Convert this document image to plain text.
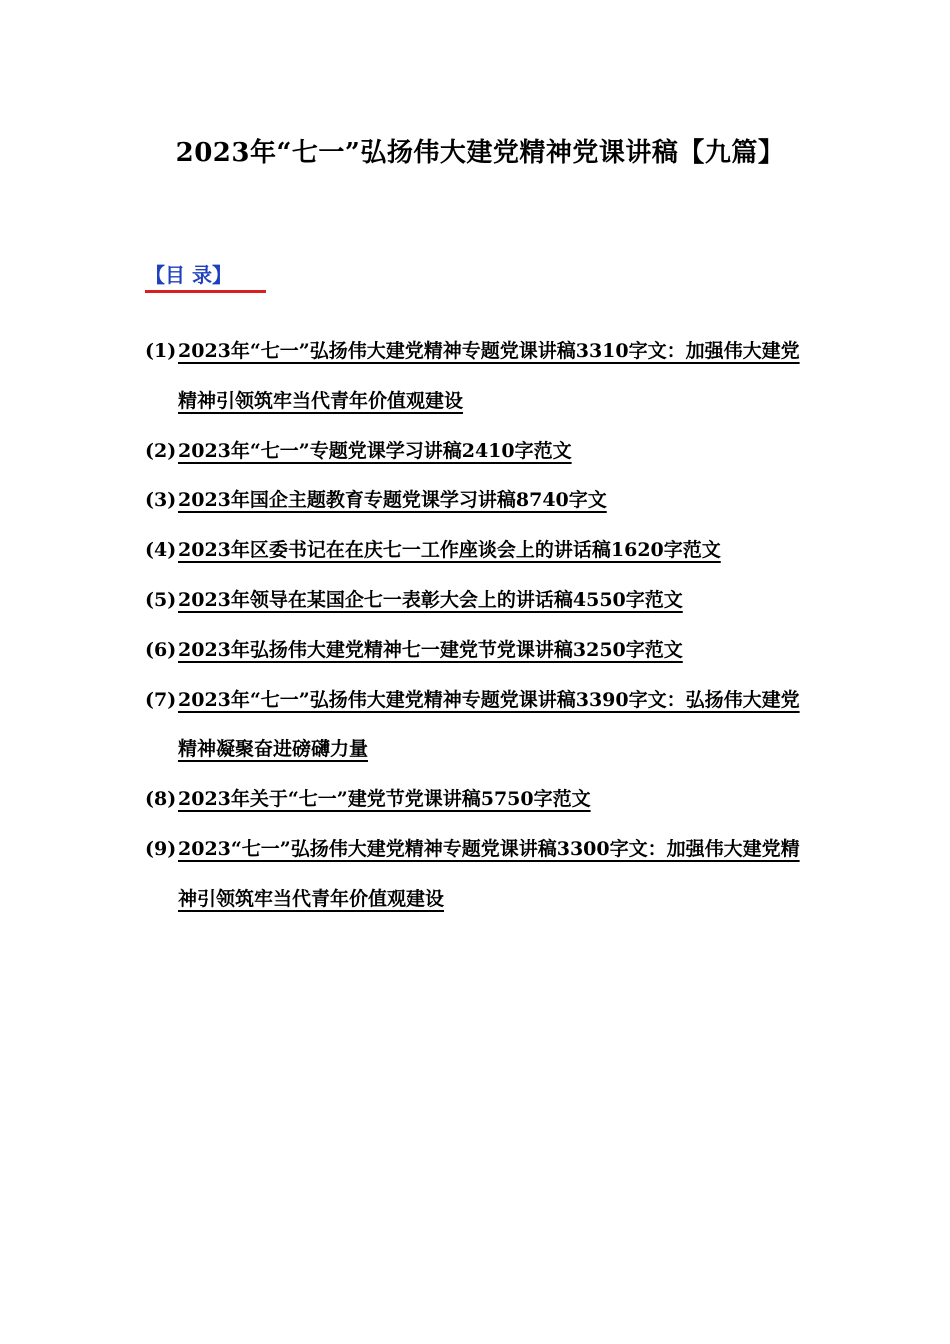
2023年“七一”弘扬伟大建党精神党课讲稿【九篇】
【目 录】
(1) 2023年“七一”弘扬伟大建党精神专题党课讲稿3310字文：加强伟大建党精神引领筑牢当代青年价值观建设
(2) 2023年“七一”专题党课学习讲稿2410字范文
(3) 2023年国企主题教育专题党课学习讲稿8740字文
(4) 2023年区委书记在在庆七一工作座谈会上的讲话稿1620字范文
(5) 2023年领导在某国企七一表彰大会上的讲话稿4550字范文
(6) 2023年弘扬伟大建党精神七一建党节党课讲稿3250字范文
(7) 2023年“七一”弘扬伟大建党精神专题党课讲稿3390字文：弘扬伟大建党精神凝聚奋进磅礴力量
(8) 2023年关于“七一”建党节党课讲稿5750字范文
(9) 2023“七一”弘扬伟大建党精神专题党课讲稿3300字文：加强伟大建党精神引领筑牢当代青年价值观建设
